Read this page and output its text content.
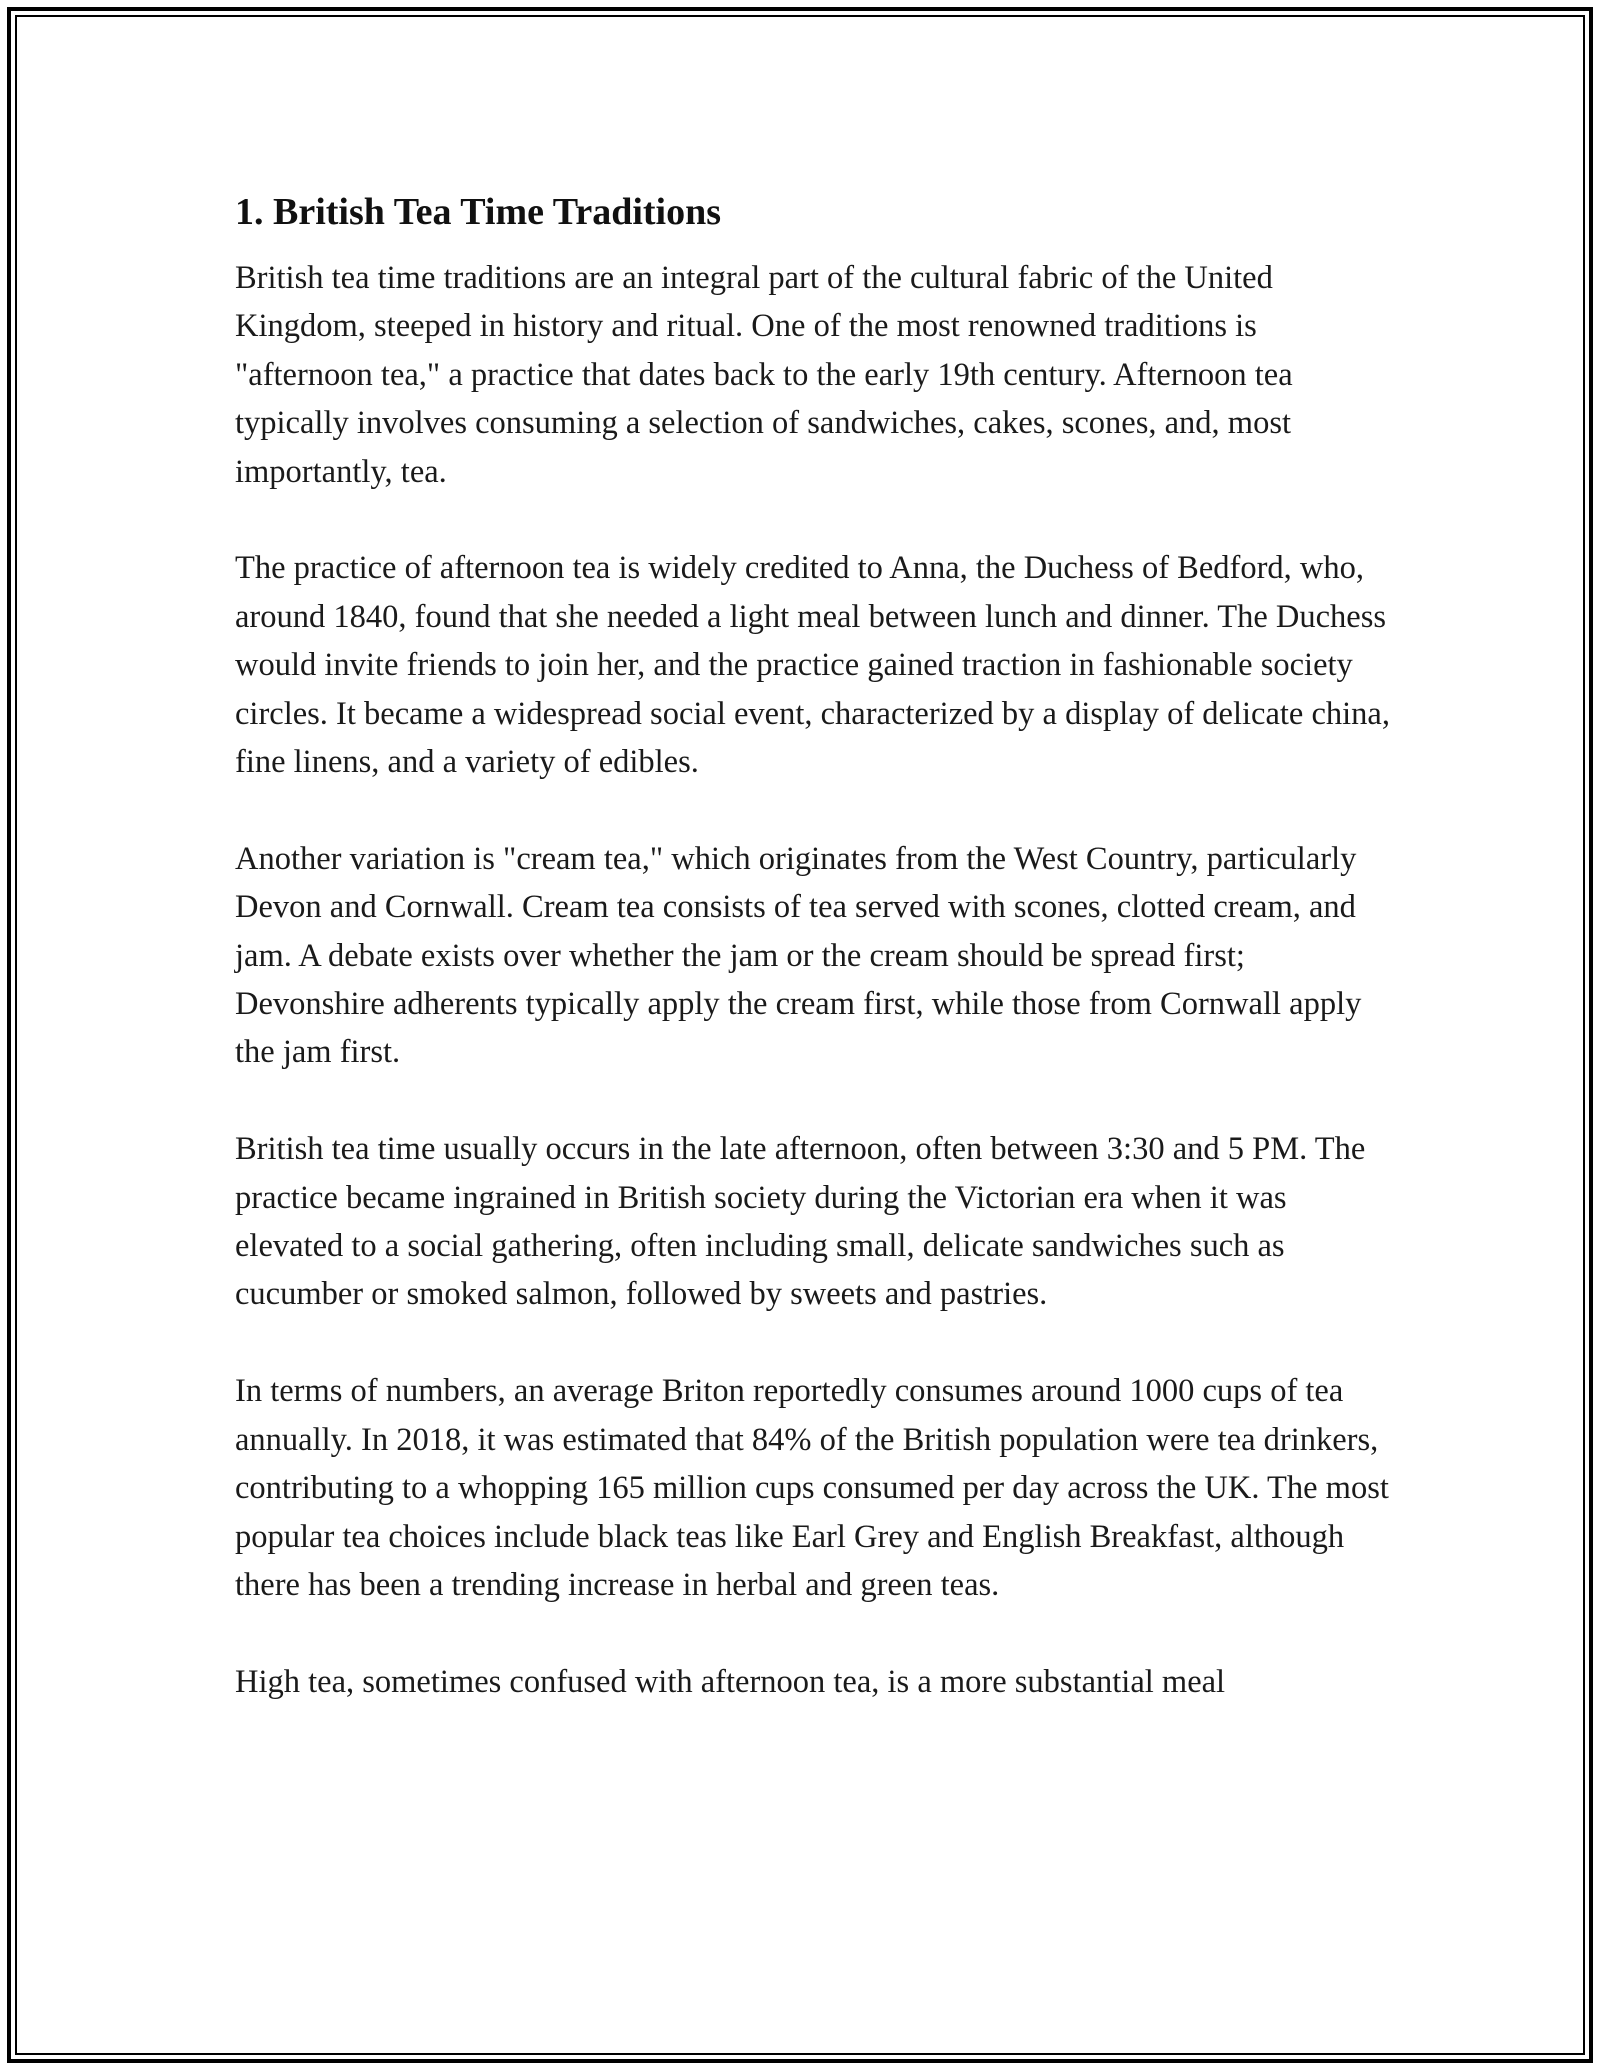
1. British Tea Time Traditions

British tea time traditions are an integral part of the cultural fabric of the United Kingdom, steeped in history and ritual. One of the most renowned traditions is "afternoon tea," a practice that dates back to the early 19th century. Afternoon tea typically involves consuming a selection of sandwiches, cakes, scones, and, most importantly, tea.

The practice of afternoon tea is widely credited to Anna, the Duchess of Bedford, who, around 1840, found that she needed a light meal between lunch and dinner. The Duchess would invite friends to join her, and the practice gained traction in fashionable society circles. It became a widespread social event, characterized by a display of delicate china, fine linens, and a variety of edibles.

Another variation is "cream tea," which originates from the West Country, particularly Devon and Cornwall. Cream tea consists of tea served with scones, clotted cream, and jam. A debate exists over whether the jam or the cream should be spread first; Devonshire adherents typically apply the cream first, while those from Cornwall apply the jam first.

British tea time usually occurs in the late afternoon, often between 3:30 and 5 PM. The practice became ingrained in British society during the Victorian era when it was elevated to a social gathering, often including small, delicate sandwiches such as cucumber or smoked salmon, followed by sweets and pastries.

In terms of numbers, an average Briton reportedly consumes around 1000 cups of tea annually. In 2018, it was estimated that 84% of the British population were tea drinkers, contributing to a whopping 165 million cups consumed per day across the UK. The most popular tea choices include black teas like Earl Grey and English Breakfast, although there has been a trending increase in herbal and green teas.

High tea, sometimes confused with afternoon tea, is a more substantial meal
